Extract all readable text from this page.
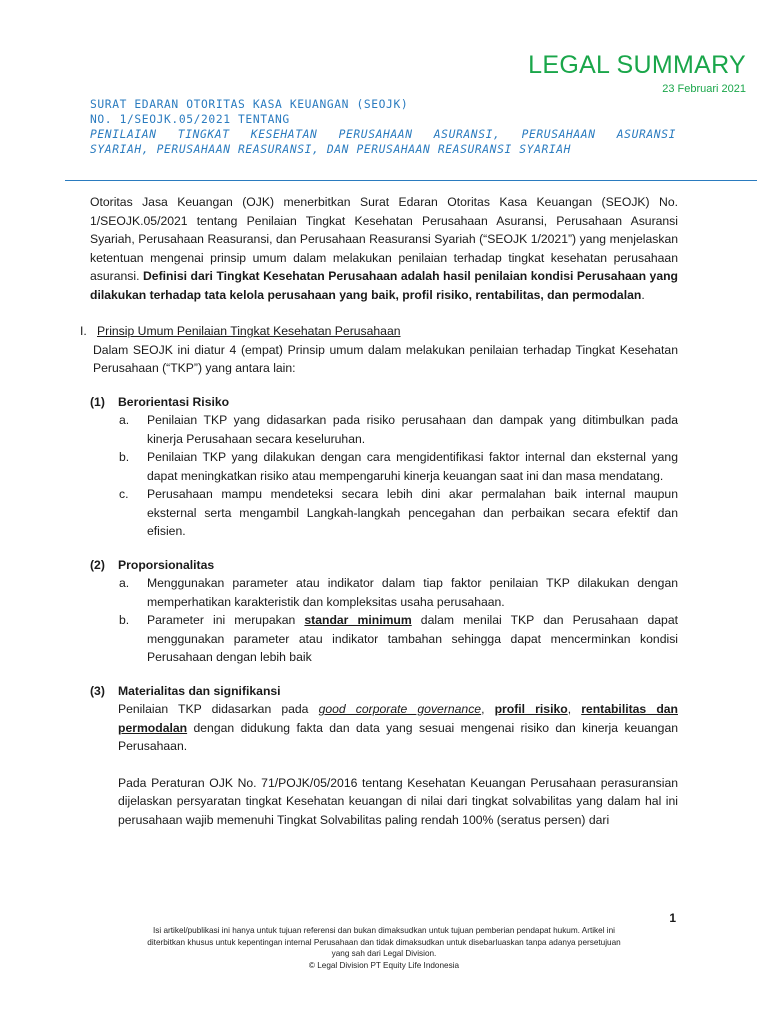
LEGAL SUMMARY
23 Februari 2021
SURAT EDARAN OTORITAS KASA KEUANGAN (SEOJK)
NO. 1/SEOJK.05/2021 TENTANG
PENILAIAN TINGKAT KESEHATAN PERUSAHAAN ASURANSI, PERUSAHAAN ASURANSI
SYARIAH, PERUSAHAAN REASURANSI, DAN PERUSAHAAN REASURANSI SYARIAH

Otoritas Jasa Keuangan (OJK) menerbitkan Surat Edaran Otoritas Kasa Keuangan (SEOJK) No. 1/SEOJK.05/2021 tentang Penilaian Tingkat Kesehatan Perusahaan Asuransi, Perusahaan Asuransi Syariah, Perusahaan Reasuransi, dan Perusahaan Reasuransi Syariah (“SEOJK 1/2021”) yang menjelaskan ketentuan mengenai prinsip umum dalam melakukan penilaian terhadap tingkat kesehatan perusahaan asuransi. Definisi dari Tingkat Kesehatan Perusahaan adalah hasil penilaian kondisi Perusahaan yang dilakukan terhadap tata kelola perusahaan yang baik, profil risiko, rentabilitas, dan permodalan.

I. Prinsip Umum Penilaian Tingkat Kesehatan Perusahaan

Dalam SEOJK ini diatur 4 (empat) Prinsip umum dalam melakukan penilaian terhadap Tingkat Kesehatan Perusahaan (“TKP”) yang antara lain:

(1)	Berorientasi Risiko
a.	Penilaian TKP yang didasarkan pada risiko perusahaan dan dampak yang ditimbulkan pada kinerja Perusahaan secara keseluruhan.
b.	Penilaian TKP yang dilakukan dengan cara mengidentifikasi faktor internal dan eksternal yang dapat meningkatkan risiko atau mempengaruhi kinerja keuangan saat ini dan masa mendatang.
c.	Perusahaan mampu mendeteksi secara lebih dini akar permalahan baik internal maupun eksternal serta mengambil Langkah-langkah pencegahan dan perbaikan secara efektif dan efisien.
(2)	Proporsionalitas
a.	Menggunakan parameter atau indikator dalam tiap faktor penilaian TKP dilakukan dengan memperhatikan karakteristik dan kompleksitas usaha perusahaan.
b.	Parameter ini merupakan standar minimum dalam menilai TKP dan Perusahaan dapat menggunakan parameter atau indikator tambahan sehingga dapat mencerminkan kondisi Perusahaan dengan lebih baik
(3)	Materialitas dan signifikansi

Penilaian TKP didasarkan pada good corporate governance, profil risiko, rentabilitas dan permodalan dengan didukung fakta dan data yang sesuai mengenai risiko dan kinerja keuangan Perusahaan.

Pada Peraturan OJK No. 71/POJK/05/2016 tentang Kesehatan Keuangan Perusahaan perasuransian dijelaskan persyaratan tingkat Kesehatan keuangan di nilai dari tingkat solvabilitas yang dalam hal ini perusahaan wajib memenuhi Tingkat Solvabilitas paling rendah 100% (seratus persen) dari

1
Isi artikel/publikasi ini hanya untuk tujuan referensi dan bukan dimaksudkan untuk tujuan pemberian pendapat hukum. Artikel ini
diterbitkan khusus untuk kepentingan internal Perusahaan dan tidak dimaksudkan untuk disebarluaskan tanpa adanya persetujuan
yang sah dari Legal Division.
© Legal Division PT Equity Life Indonesia
